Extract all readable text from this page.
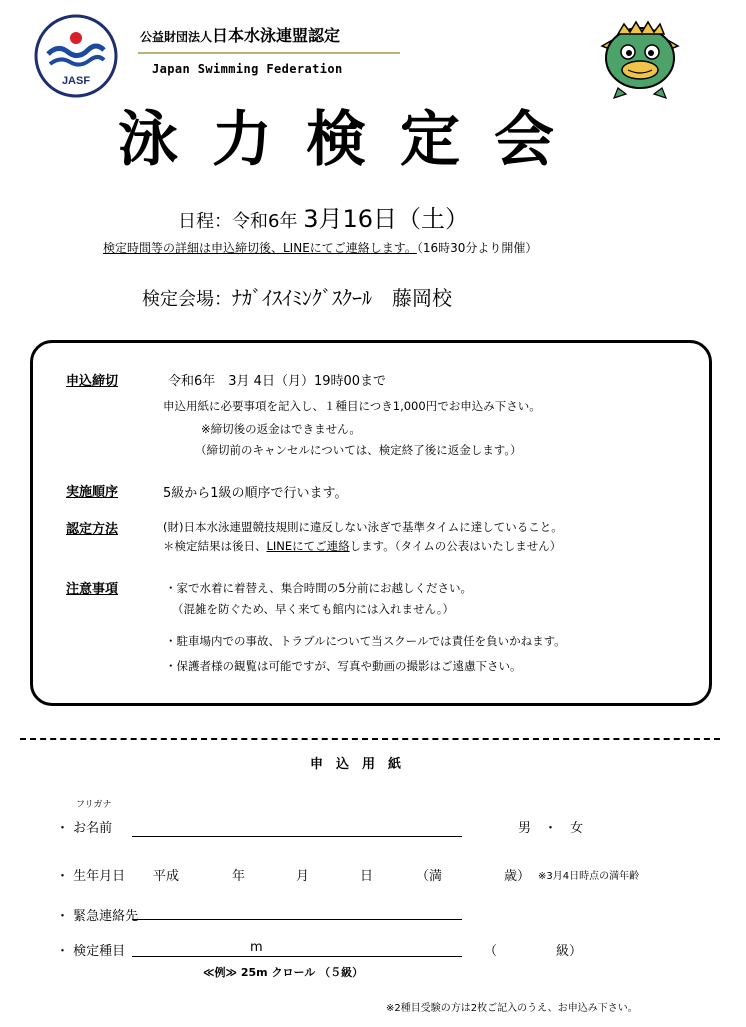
JASF
公益財団法人日本水泳連盟認定
Japan Swimming Federation
泳力検定会
日程：令和6年 3月16日（土）
検定時間等の詳細は申込締切後、LINEにてご連絡します。（16時30分より開催）
検定会場：ﾅｶﾞｲｽｲﾐﾝｸﾞｽｸｰﾙ　藤岡校
申込締切	令和6年　3月 4日（月）19時00まで
申込用紙に必要事項を記入し、１種目につき1,000円でお申込み下さい。
※締切後の返金はできません。
（締切前のキャンセルについては、検定終了後に返金します。）
実施順序	5級から1級の順序で行います。
認定方法	(財)日本水泳連盟競技規則に違反しない泳ぎで基準タイムに達していること。
＊検定結果は後日、LINEにてご連絡します。（タイムの公表はいたしません）
注意事項	・家で水着に着替え、集合時間の5分前にお越しください。
（混雑を防ぐため、早く来ても館内には入れません。）
・駐車場内での事故、トラブルについて当スクールでは責任を負いかねます。
・保護者様の観覧は可能ですが、写真や動画の撮影はご遠慮下さい。
申　込　用　紙
フリガナ
・ お名前	男　・　女
・ 生年月日 平成	年	月	日	（満	歳） ※3月4日時点の満年齢
・ 緊急連絡先
・ 検定種目	m	（	級）
≪例≫ 25m クロール （５級）
※2種目受験の方は2枚ご記入のうえ、お申込み下さい。
